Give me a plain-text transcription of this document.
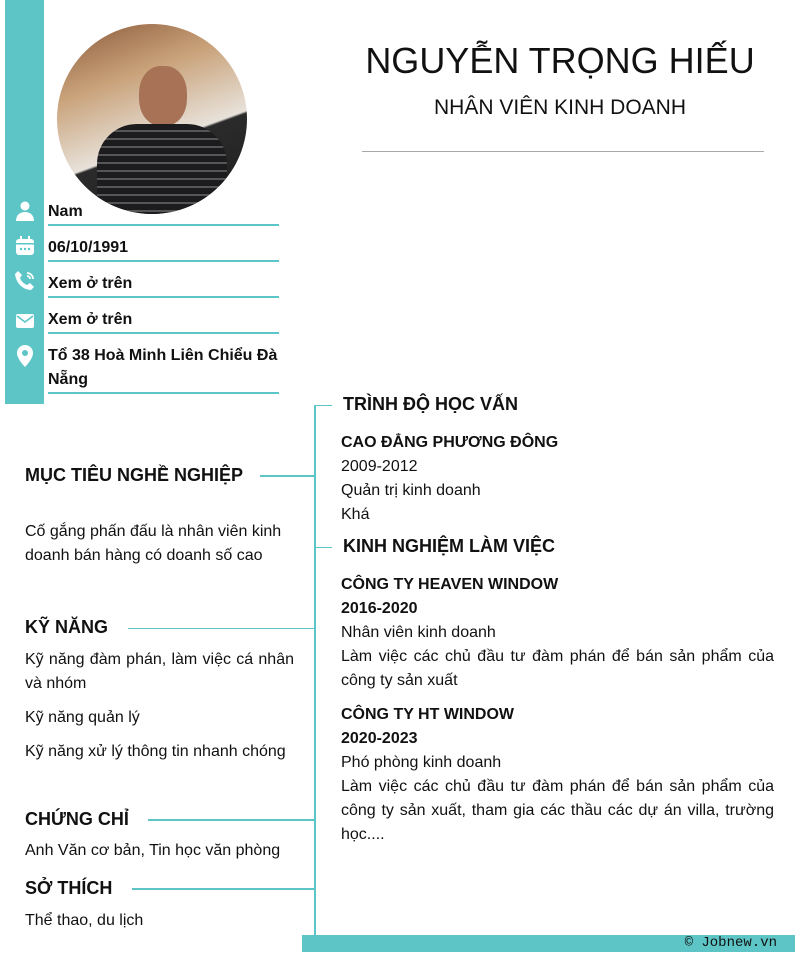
NGUYỄN TRỌNG HIẾU
NHÂN VIÊN KINH DOANH
Nam
06/10/1991
Xem ở trên
Xem ở trên
Tổ 38 Hoà Minh Liên Chiểu Đà Nẵng
MỤC TIÊU NGHỀ NGHIỆP
Cố gắng phấn đấu là nhân viên kinh doanh bán hàng có doanh số cao
KỸ NĂNG
Kỹ năng đàm phán, làm việc cá nhân và nhóm
Kỹ năng quản lý
Kỹ năng xử lý thông tin nhanh chóng
CHỨNG CHỈ
Anh Văn cơ bản, Tin học văn phòng
SỞ THÍCH
Thể thao, du lịch
TRÌNH ĐỘ HỌC VẤN
CAO ĐẲNG PHƯƠNG ĐÔNG
2009-2012
Quản trị kinh doanh
Khá
KINH NGHIỆM LÀM VIỆC
CÔNG TY HEAVEN WINDOW
2016-2020
Nhân viên kinh doanh
Làm việc các chủ đầu tư đàm phán để bán sản phẩm của công ty sản xuất
CÔNG TY HT WINDOW
2020-2023
Phó phòng kinh doanh
Làm việc các chủ đầu tư đàm phán để bán sản phẩm của công ty sản xuất, tham gia các thầu các dự án villa, trường học....
© Jobnew.vn
